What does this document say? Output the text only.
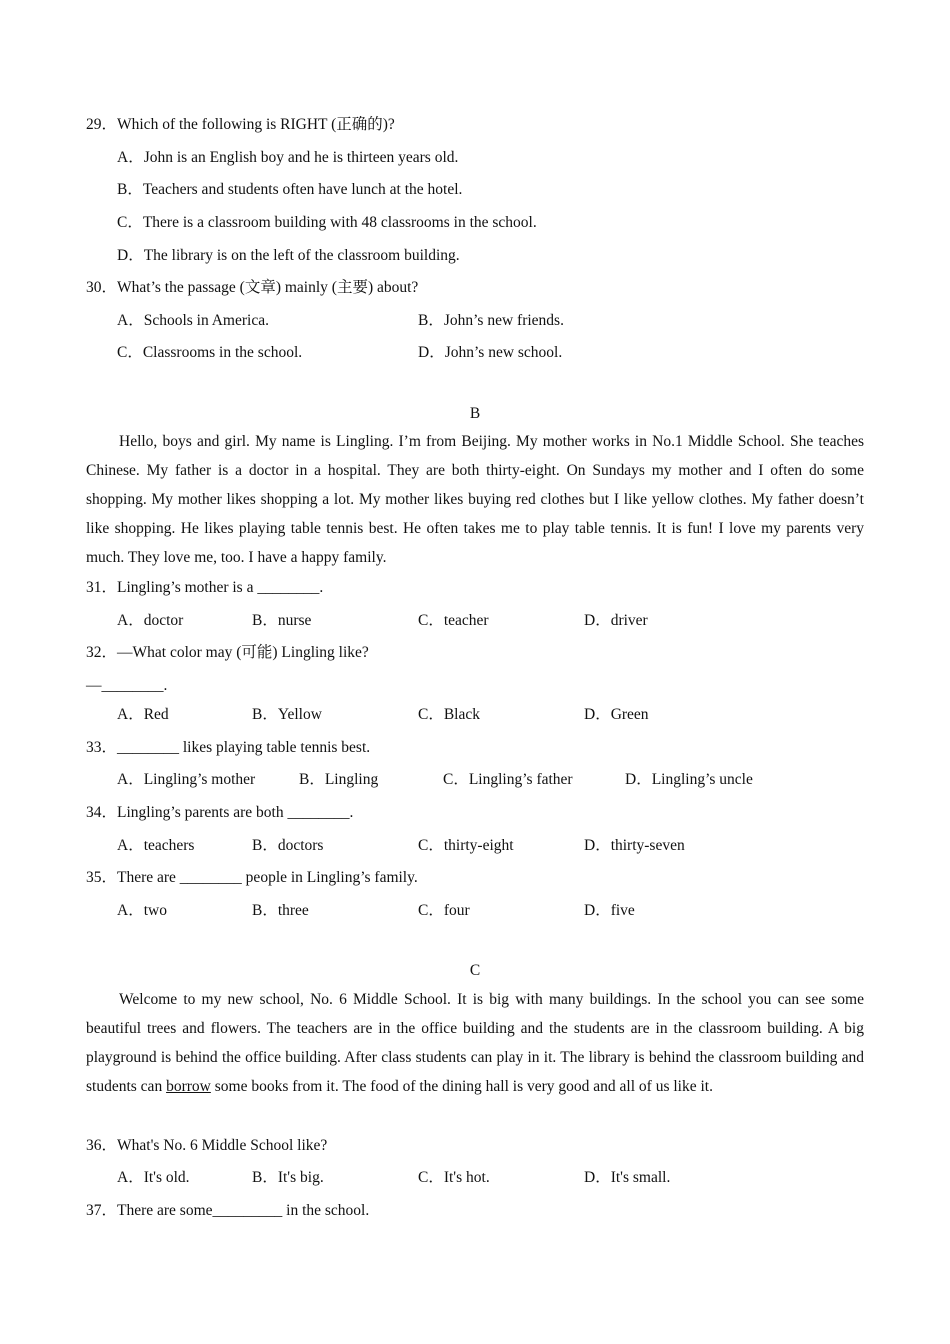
29．Which of the following is RIGHT (正确的)?
A．John is an English boy and he is thirteen years old.
B．Teachers and students often have lunch at the hotel.
C．There is a classroom building with 48 classrooms in the school.
D．The library is on the left of the classroom building.
30．What’s the passage (文章) mainly (主要) about?
A．Schools in America.	B．John’s new friends.
C．Classrooms in the school.	D．John’s new school.
B
Hello, boys and girl. My name is Lingling. I’m from Beijing. My mother works in No.1 Middle School. She teaches Chinese. My father is a doctor in a hospital. They are both thirty-eight. On Sundays my mother and I often do some shopping. My mother likes shopping a lot. My mother likes buying red clothes but I like yellow clothes. My father doesn’t like shopping. He likes playing table tennis best. He often takes me to play table tennis. It is fun! I love my parents very much. They love me, too. I have a happy family.
31．Lingling’s mother is a ________.
A．doctor	B．nurse	C．teacher	D．driver
32．—What color may (可能) Lingling like?
—________.
A．Red	B．Yellow	C．Black	D．Green
33．________ likes playing table tennis best.
A．Lingling’s mother	B．Lingling	C．Lingling’s father	D．Lingling’s uncle
34．Lingling’s parents are both ________.
A．teachers	B．doctors	C．thirty-eight	D．thirty-seven
35．There are ________ people in Lingling’s family.
A．two	B．three	C．four	D．five
C
Welcome to my new school, No. 6 Middle School. It is big with many buildings. In the school you can see some beautiful trees and flowers. The teachers are in the office building and the students are in the classroom building. A big playground is behind the office building. After class students can play in it. The library is behind the classroom building and students can borrow some books from it. The food of the dining hall is very good and all of us like it.
36．What's No. 6 Middle School like?
A．It's old.	B．It's big.	C．It's hot.	D．It's small.
37．There are some_________ in the school.
